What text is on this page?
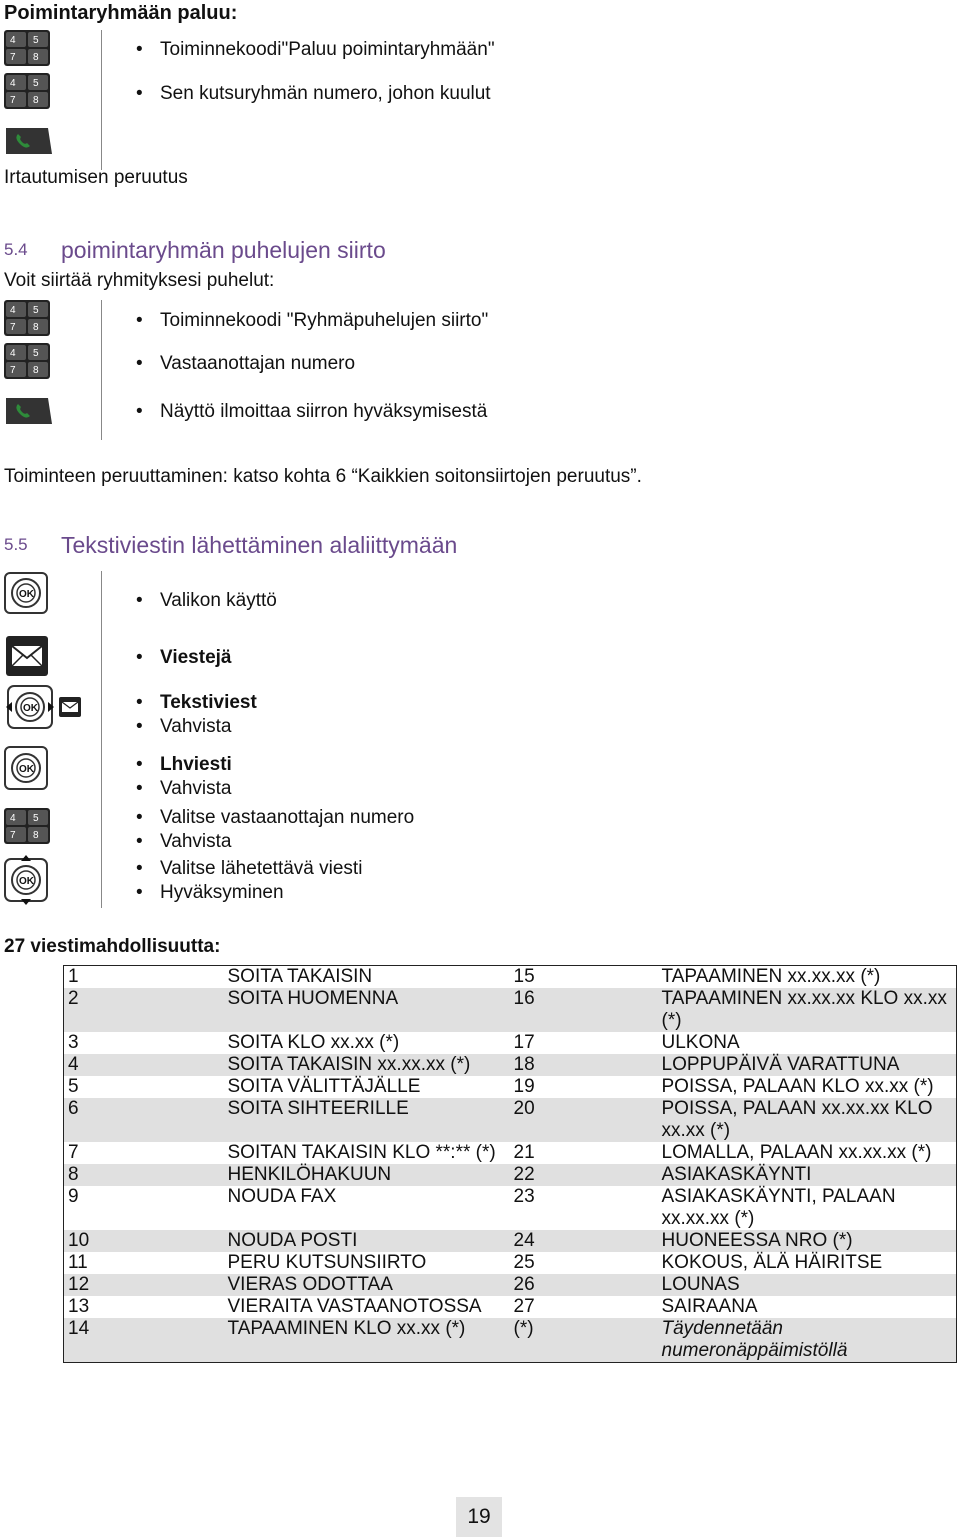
Poimintaryhmään paluu:
4 5
7 8
4 5
7 8
Toiminnekoodi"Paluu poimintaryhmään"
Sen kutsuryhmän numero, johon kuulut
Irtautumisen peruutus
5.4 poimintaryhmän puhelujen siirto
Voit siirtää ryhmityksesi puhelut:
4 5
7 8
4 5
7 8
Toiminnekoodi "Ryhmäpuhelujen siirto"
Vastaanottajan numero
Näyttö ilmoittaa siirron hyväksymisestä
Toiminteen peruuttaminen: katso kohta 6 “Kaikkien soitonsiirtojen peruutus”.
5.5 Tekstiviestin lähettäminen alaliittymään
OK
OK
OK
4 5
7 8
OK
Valikon käyttö
Viestejä
Tekstiviest
Vahvista
Lhviesti
Vahvista
Valitse vastaanottajan numero
Vahvista
Valitse lähetettävä viesti
Hyväksyminen
27 viestimahdollisuutta:
1	SOITA TAKAISIN	15	TAPAAMINEN xx.xx.xx (*)
2	SOITA HUOMENNA	16	TAPAAMINEN xx.xx.xx KLO xx.xx (*)
3	SOITA KLO xx.xx (*)	17	ULKONA
4	SOITA TAKAISIN xx.xx.xx (*)	18	LOPPUPÄIVÄ VARATTUNA
5	SOITA VÄLITTÄJÄLLE	19	POISSA, PALAAN KLO xx.xx (*)
6	SOITA SIHTEERILLE	20	POISSA, PALAAN xx.xx.xx KLO xx.xx (*)
7	SOITAN TAKAISIN KLO **:** (*)	21	LOMALLA, PALAAN xx.xx.xx (*)
8	HENKILÖHAKUUN	22	ASIAKASKÄYNTI
9	NOUDA FAX	23	ASIAKASKÄYNTI, PALAAN xx.xx.xx (*)
10	NOUDA POSTI	24	HUONEESSA NRO (*)
11	PERU KUTSUNSIIRTO	25	KOKOUS, ÄLÄ HÄIRITSE
12	VIERAS ODOTTAA	26	LOUNAS
13	VIERAITA VASTAANOTOSSA	27	SAIRAANA
14	TAPAAMINEN KLO xx.xx (*)	(*)	Täydennetään numeronäppäimistöllä
19
